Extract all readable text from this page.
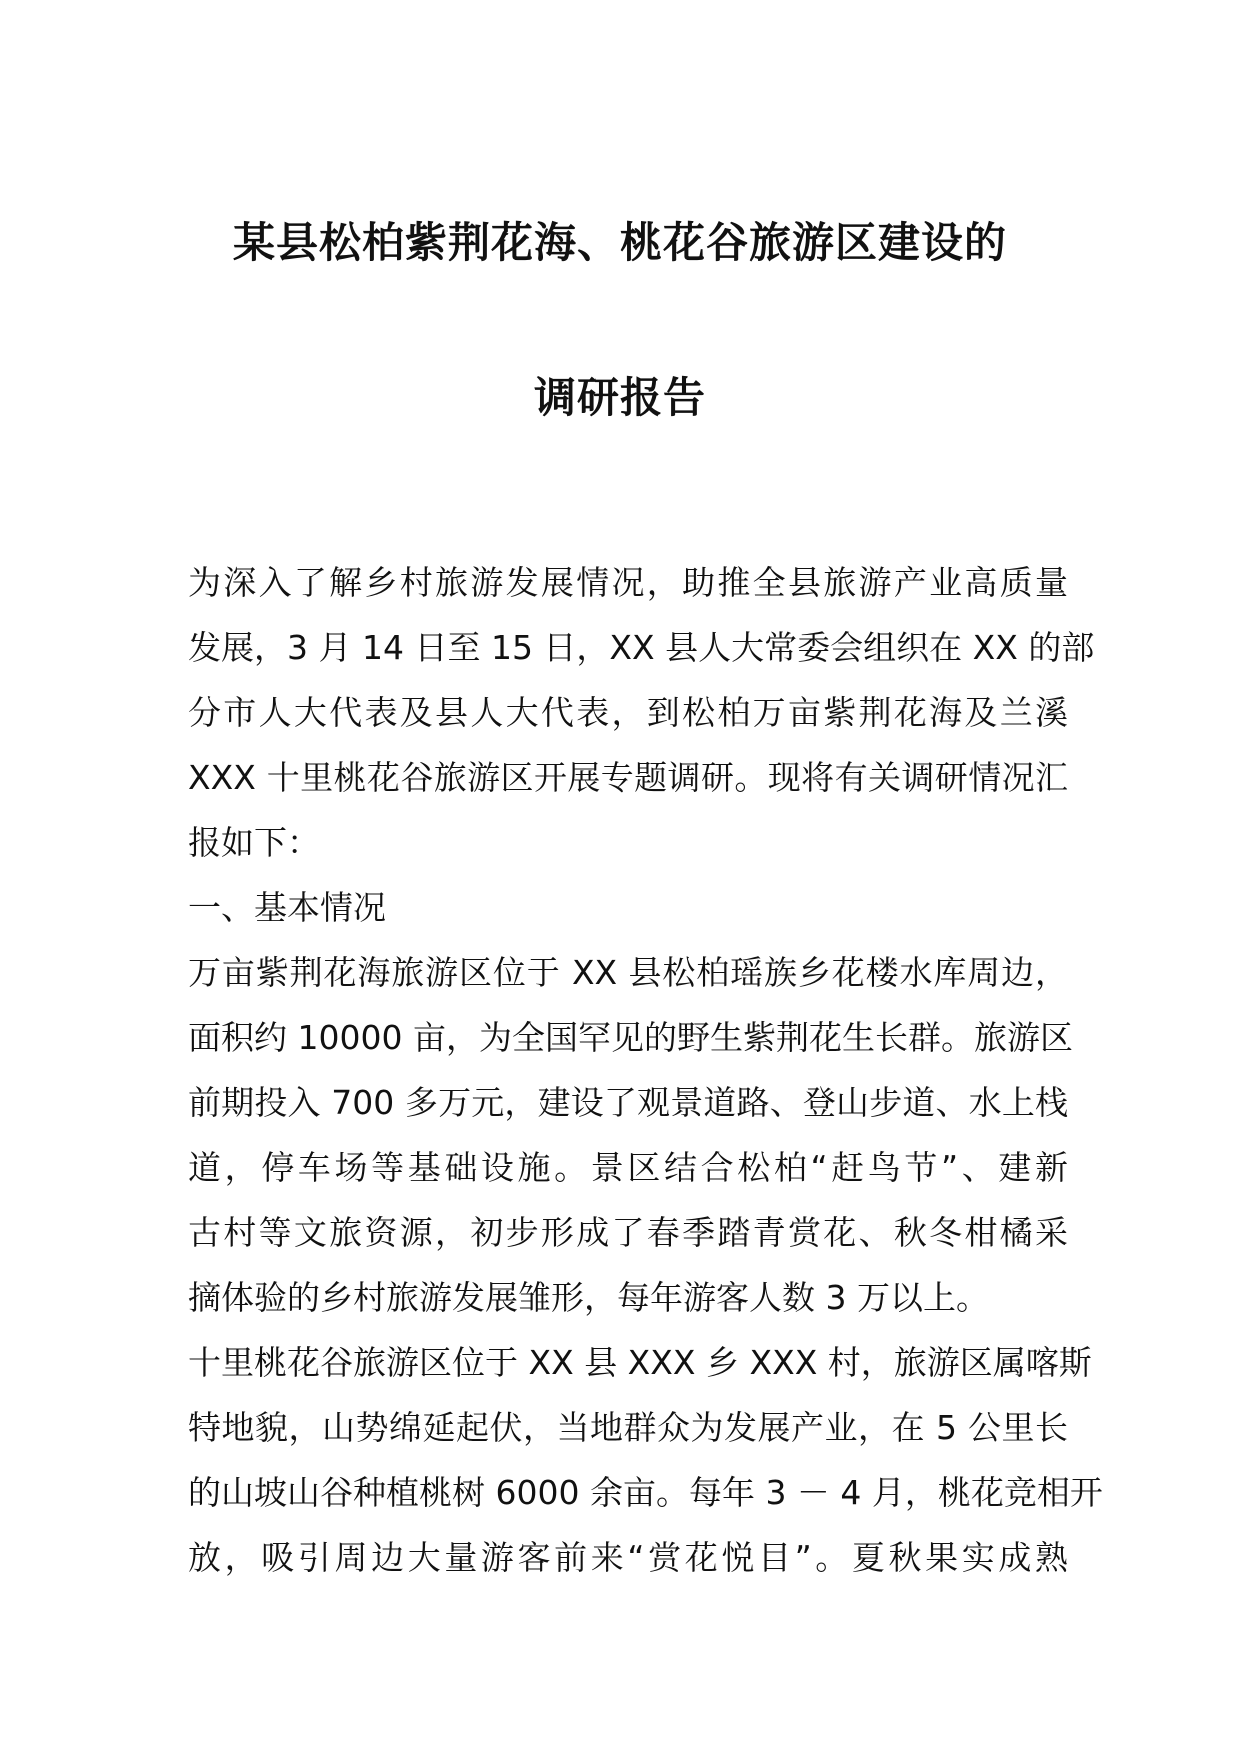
某县松柏紫荆花海、桃花谷旅游区建设的
调研报告
为深入了解乡村旅游发展情况，助推全县旅游产业高质量
发展，3 月 14 日至 15 日，XX 县人大常委会组织在 XX 的部
分市人大代表及县人大代表，到松柏万亩紫荆花海及兰溪
XXX 十里桃花谷旅游区开展专题调研。现将有关调研情况汇
报如下：
一、基本情况
万亩紫荆花海旅游区位于 XX 县松柏瑶族乡花楼水库周边，
面积约 10000 亩，为全国罕见的野生紫荆花生长群。旅游区
前期投入 700 多万元，建设了观景道路、登山步道、水上栈
道，停车场等基础设施。景区结合松柏“赶鸟节”、建新
古村等文旅资源，初步形成了春季踏青赏花、秋冬柑橘采
摘体验的乡村旅游发展雏形，每年游客人数 3 万以上。
十里桃花谷旅游区位于 XX 县 XXX 乡 XXX 村，旅游区属喀斯
特地貌，山势绵延起伏，当地群众为发展产业，在 5 公里长
的山坡山谷种植桃树 6000 余亩。每年 3 － 4 月，桃花竞相开
放，吸引周边大量游客前来“赏花悦目”。夏秋果实成熟
